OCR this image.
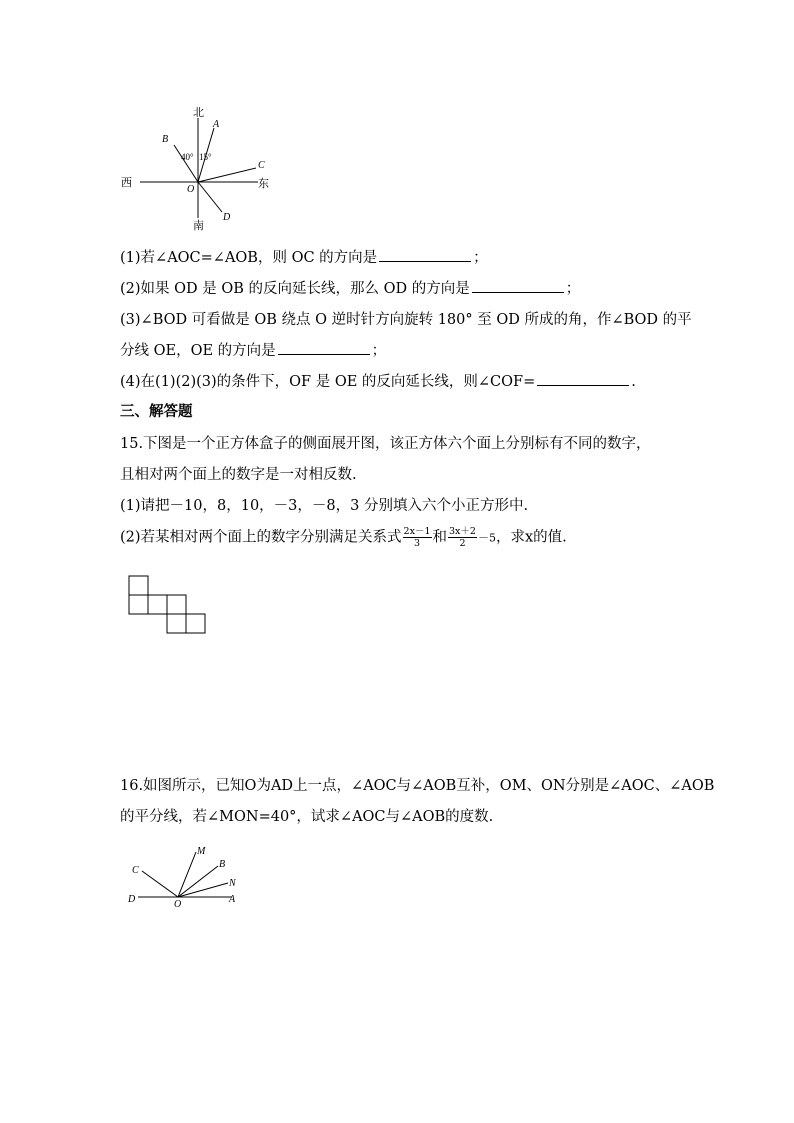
北
南
西	东
A
B
C
D
O
40° 15°
(1)若∠AOC=∠AOB，则 OC 的方向是	；
(2)如果 OD 是 OB 的反向延长线，那么 OD 的方向是	；
(3)∠BOD 可看做是 OB 绕点 O 逆时针方向旋转 180° 至 OD 所成的角，作∠BOD 的平
分线 OE，OE 的方向是	；
(4)在(1)(2)(3)的条件下，OF 是 OE 的反向延长线，则∠COF=	.
三、解答题
15.下图是一个正方体盒子的侧面展开图，该正方体六个面上分别标有不同的数字，
且相对两个面上的数字是一对相反数.
(1)请把－10，8，10，－3，－8，3 分别填入六个小正方形中.
(2)若某相对两个面上的数字分别满足关系式 $\frac{2x-1}{3}$ 和 $\frac{3x+2}{2} -5$，求x的值.
16.如图所示，已知O为AD上一点，∠AOC与∠AOB互补，OM、ON分别是∠AOC、∠AOB
的平分线，若∠MON=40°，试求∠AOC与∠AOB的度数.
C
M
B
N
D	O	A
